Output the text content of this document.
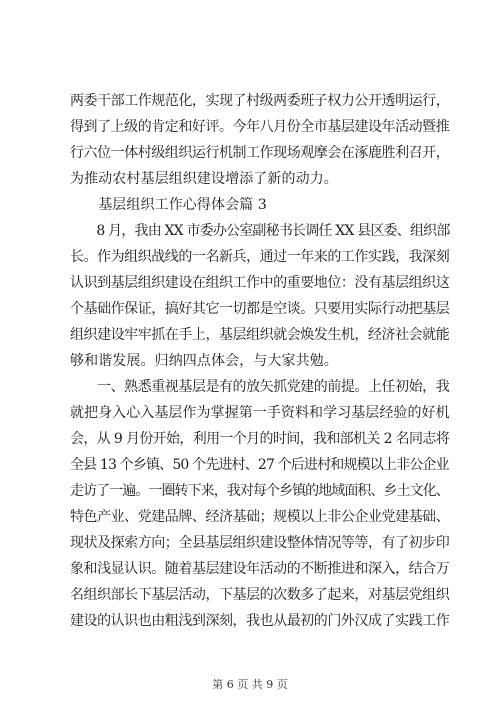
两委干部工作规范化，实现了村级两委班子权力公开透明运行，
得到了上级的肯定和好评。今年八月份全市基层建设年活动暨推
行六位一体村级组织运行机制工作现场观摩会在涿鹿胜利召开，
为推动农村基层组织建设增添了新的动力。
　　基层组织工作心得体会篇 3
　　8 月，我由 XX 市委办公室副秘书长调任 XX 县区委、组织部
长。作为组织战线的一名新兵，通过一年来的工作实践，我深刻
认识到基层组织建设在组织工作中的重要地位：没有基层组织这
个基础作保证，搞好其它一切都是空谈。只要用实际行动把基层
组织建设牢牢抓在手上，基层组织就会焕发生机，经济社会就能
够和谐发展。归纳四点体会，与大家共勉。
　　一、熟悉重视基层是有的放矢抓党建的前提。上任初始，我
就把身入心入基层作为掌握第一手资料和学习基层经验的好机
会，从 9 月份开始，利用一个月的时间，我和部机关 2 名同志将
全县 13 个乡镇、50 个先进村、27 个后进村和规模以上非公企业
走访了一遍。一圈转下来，我对每个乡镇的地域面积、乡土文化、
特色产业、党建品牌、经济基础；规模以上非公企业党建基础、
现状及探索方向；全县基层组织建设整体情况等等，有了初步印
象和浅显认识。随着基层建设年活动的不断推进和深入，结合万
名组织部长下基层活动，下基层的次数多了起来，对基层党组织
建设的认识也由粗浅到深刻，我也从最初的门外汉成了实践工作
第 6 页 共 9 页
